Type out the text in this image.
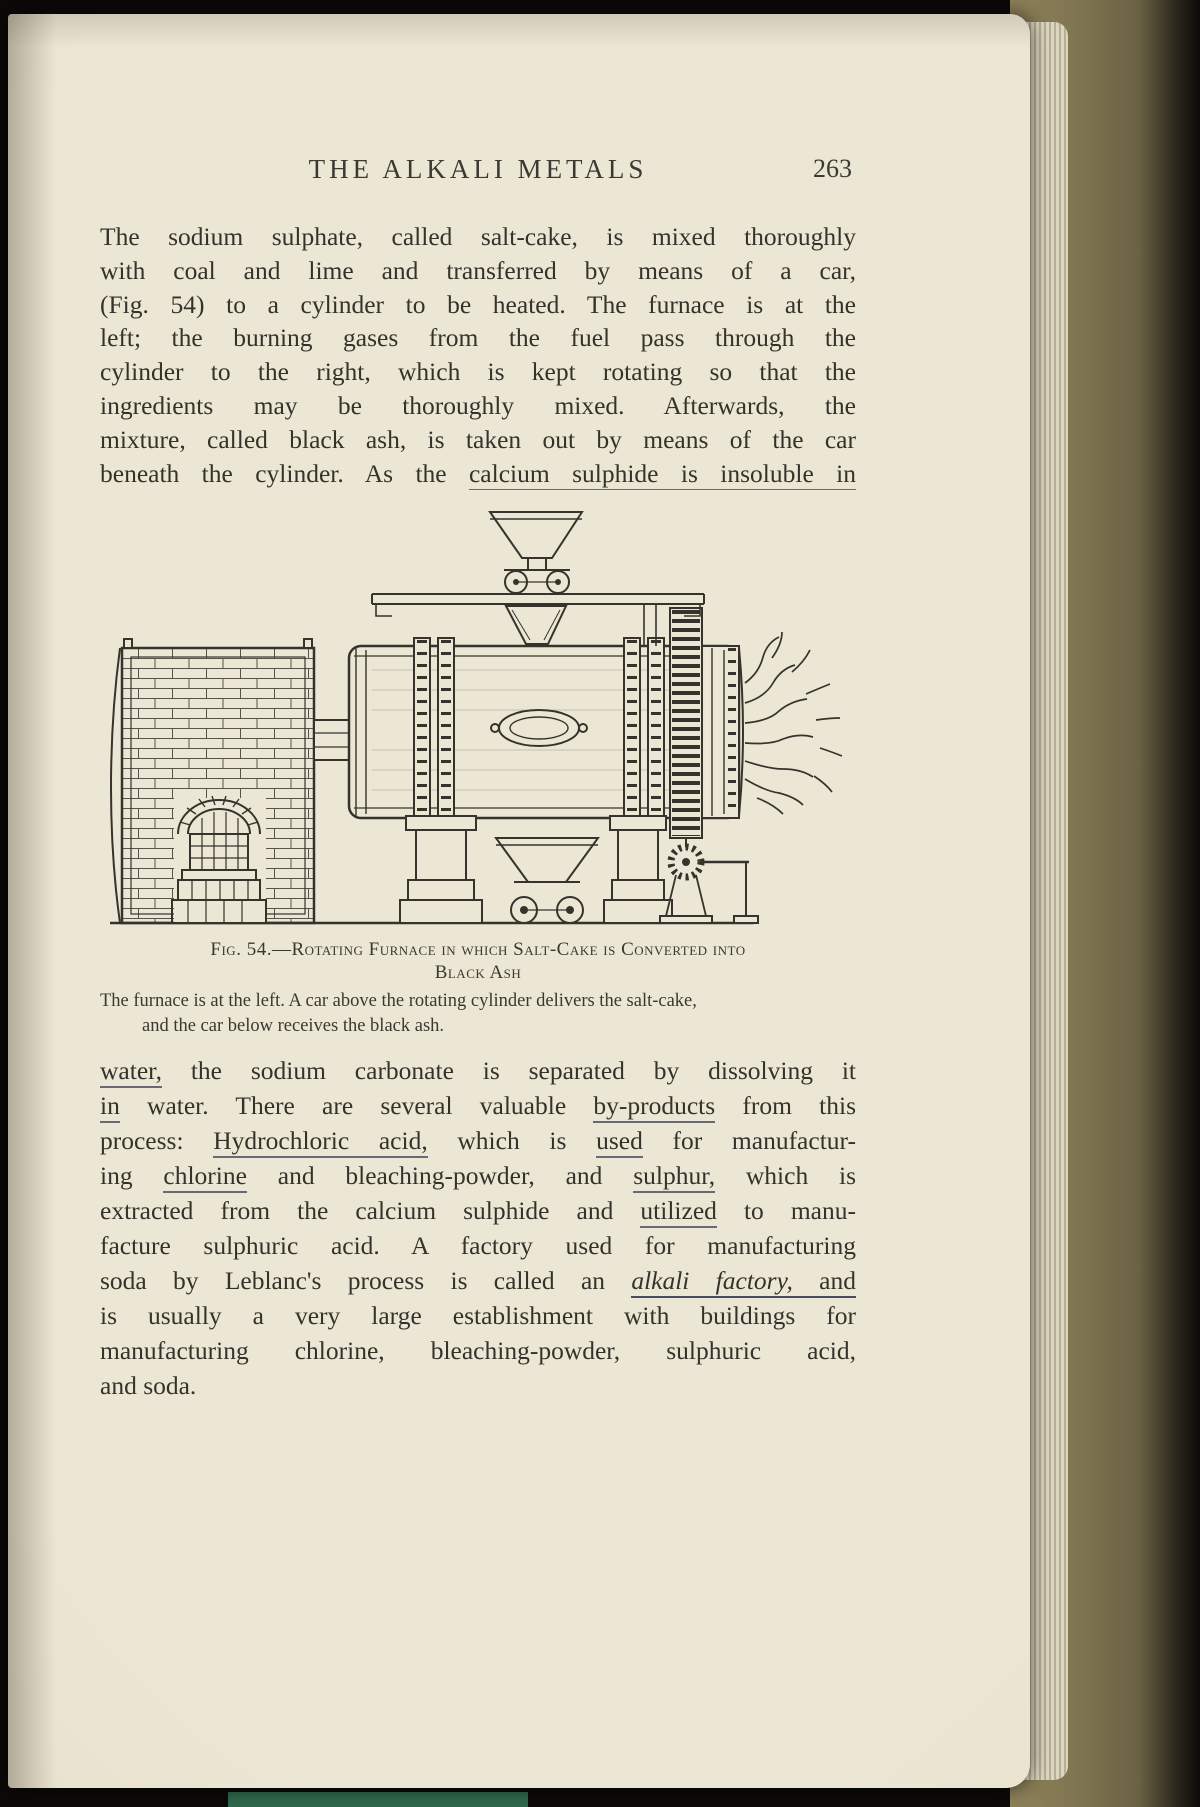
THE ALKALI METALS	263
The sodium sulphate, called salt-cake, is mixed thoroughly
with coal and lime and transferred by means of a car,
(Fig. 54) to a cylinder to be heated. The furnace is at the
left; the burning gases from the fuel pass through the
cylinder to the right, which is kept rotating so that the
ingredients may be thoroughly mixed. Afterwards, the
mixture, called black ash, is taken out by means of the car
beneath the cylinder. As the calcium sulphide is insoluble in
Fig. 54.—Rotating Furnace in which Salt-Cake is Converted into
Black Ash
The furnace is at the left. A car above the rotating cylinder delivers the salt-cake,
and the car below receives the black ash.
water, the sodium carbonate is separated by dissolving it
in water. There are several valuable by-products from this
process: Hydrochloric acid, which is used for manufactur-
ing chlorine and bleaching-powder, and sulphur, which is
extracted from the calcium sulphide and utilized to manu-
facture sulphuric acid. A factory used for manufacturing
soda by Leblanc's process is called an alkali factory, and
is usually a very large establishment with buildings for
manufacturing chlorine, bleaching-powder, sulphuric acid,
and soda.
